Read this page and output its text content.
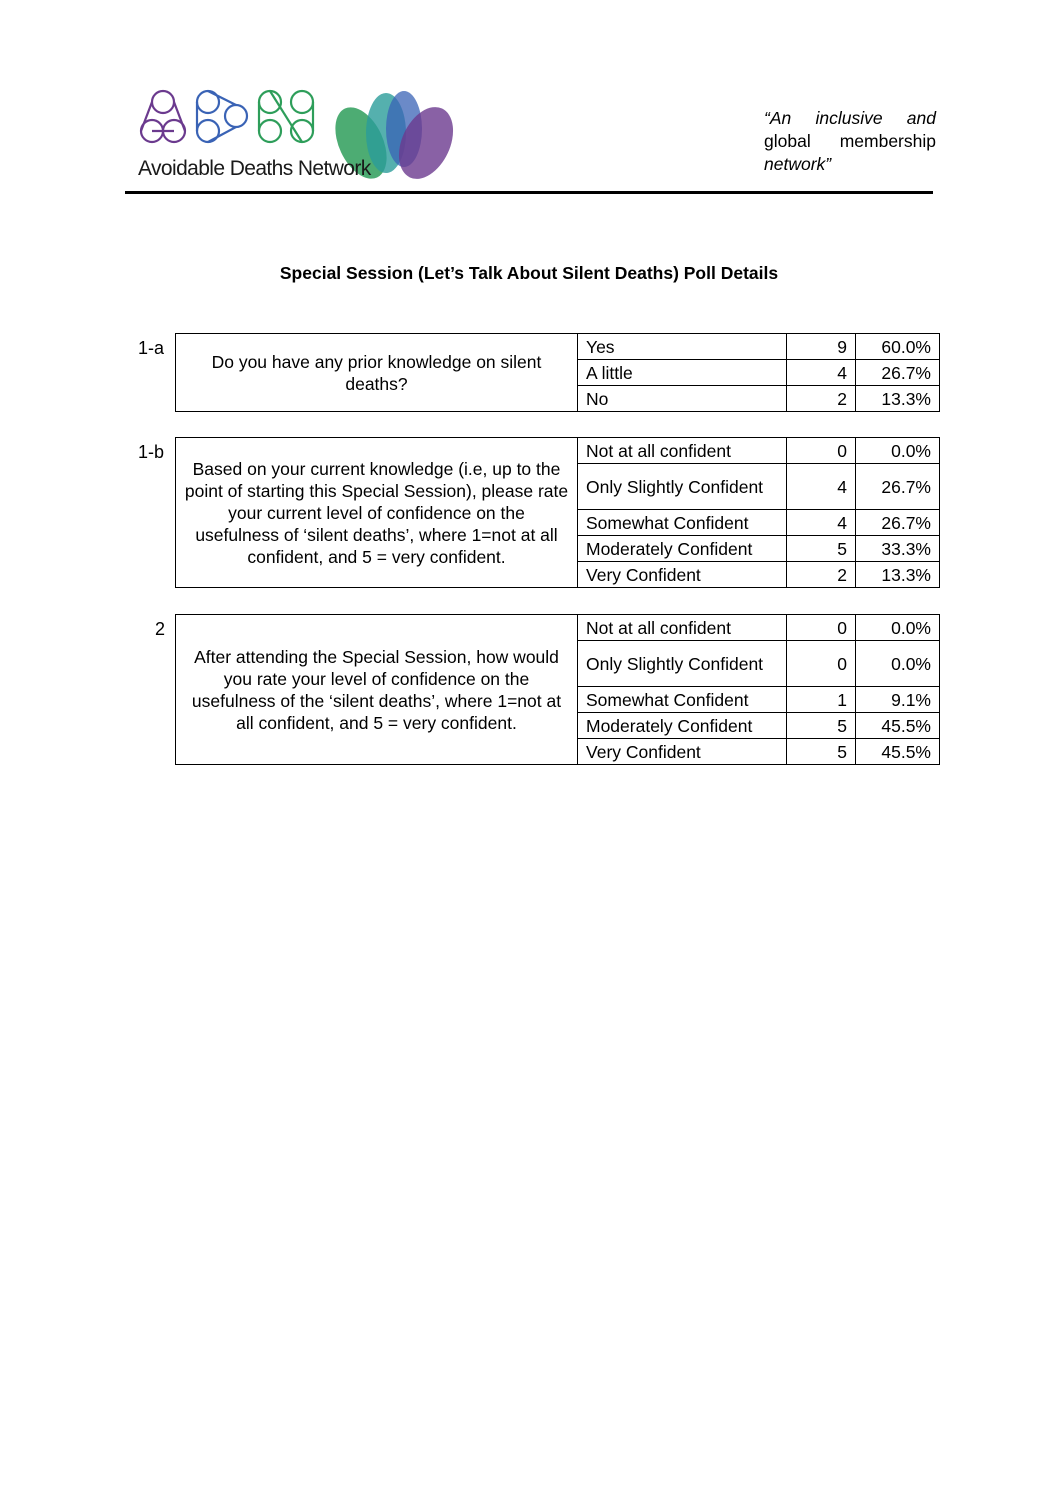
Avoidable Deaths Network
“An inclusive and
global membership
network”
Special Session (Let’s Talk About Silent Deaths) Poll Details
1-a
Do you have any prior knowledge on silent deaths?	Yes	9	60.0%
	A little	4	26.7%
	No	2	13.3%
1-b
Based on your current knowledge (i.e, up to the point of starting this Special Session), please rate your current level of confidence on the usefulness of ‘silent deaths’, where 1=not at all confident, and 5 = very confident.	Not at all confident	0	0.0%
	Only Slightly Confident	4	26.7%
	Somewhat Confident	4	26.7%
	Moderately Confident	5	33.3%
	Very Confident	2	13.3%
2
After attending the Special Session, how would you rate your level of confidence on the usefulness of the ‘silent deaths’, where 1=not at all confident, and 5 = very confident.	Not at all confident	0	0.0%
	Only Slightly Confident	0	0.0%
	Somewhat Confident	1	9.1%
	Moderately Confident	5	45.5%
	Very Confident	5	45.5%
